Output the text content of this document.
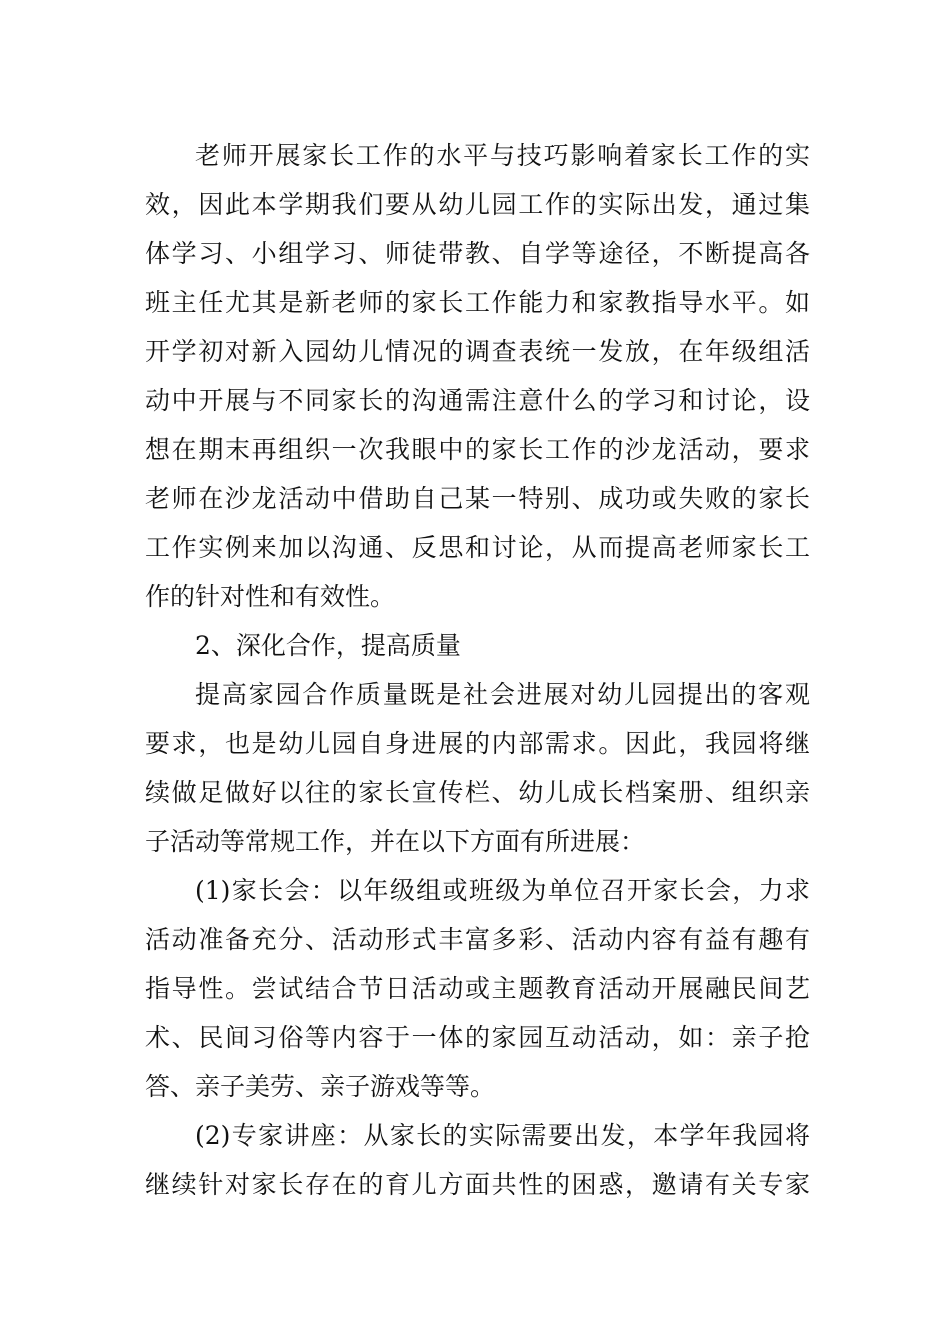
老师开展家长工作的水平与技巧影响着家长工作的实
效，因此本学期我们要从幼儿园工作的实际出发，通过集
体学习、小组学习、师徒带教、自学等途径，不断提高各
班主任尤其是新老师的家长工作能力和家教指导水平。如
开学初对新入园幼儿情况的调查表统一发放，在年级组活
动中开展与不同家长的沟通需注意什么的学习和讨论，设
想在期末再组织一次我眼中的家长工作的沙龙活动，要求
老师在沙龙活动中借助自己某一特别、成功或失败的家长
工作实例来加以沟通、反思和讨论，从而提高老师家长工
作的针对性和有效性。
2、深化合作，提高质量
提高家园合作质量既是社会进展对幼儿园提出的客观
要求，也是幼儿园自身进展的内部需求。因此，我园将继
续做足做好以往的家长宣传栏、幼儿成长档案册、组织亲
子活动等常规工作，并在以下方面有所进展：
(1)家长会：以年级组或班级为单位召开家长会，力求
活动准备充分、活动形式丰富多彩、活动内容有益有趣有
指导性。尝试结合节日活动或主题教育活动开展融民间艺
术、民间习俗等内容于一体的家园互动活动，如：亲子抢
答、亲子美劳、亲子游戏等等。
(2)专家讲座：从家长的实际需要出发，本学年我园将
继续针对家长存在的育儿方面共性的困惑，邀请有关专家
